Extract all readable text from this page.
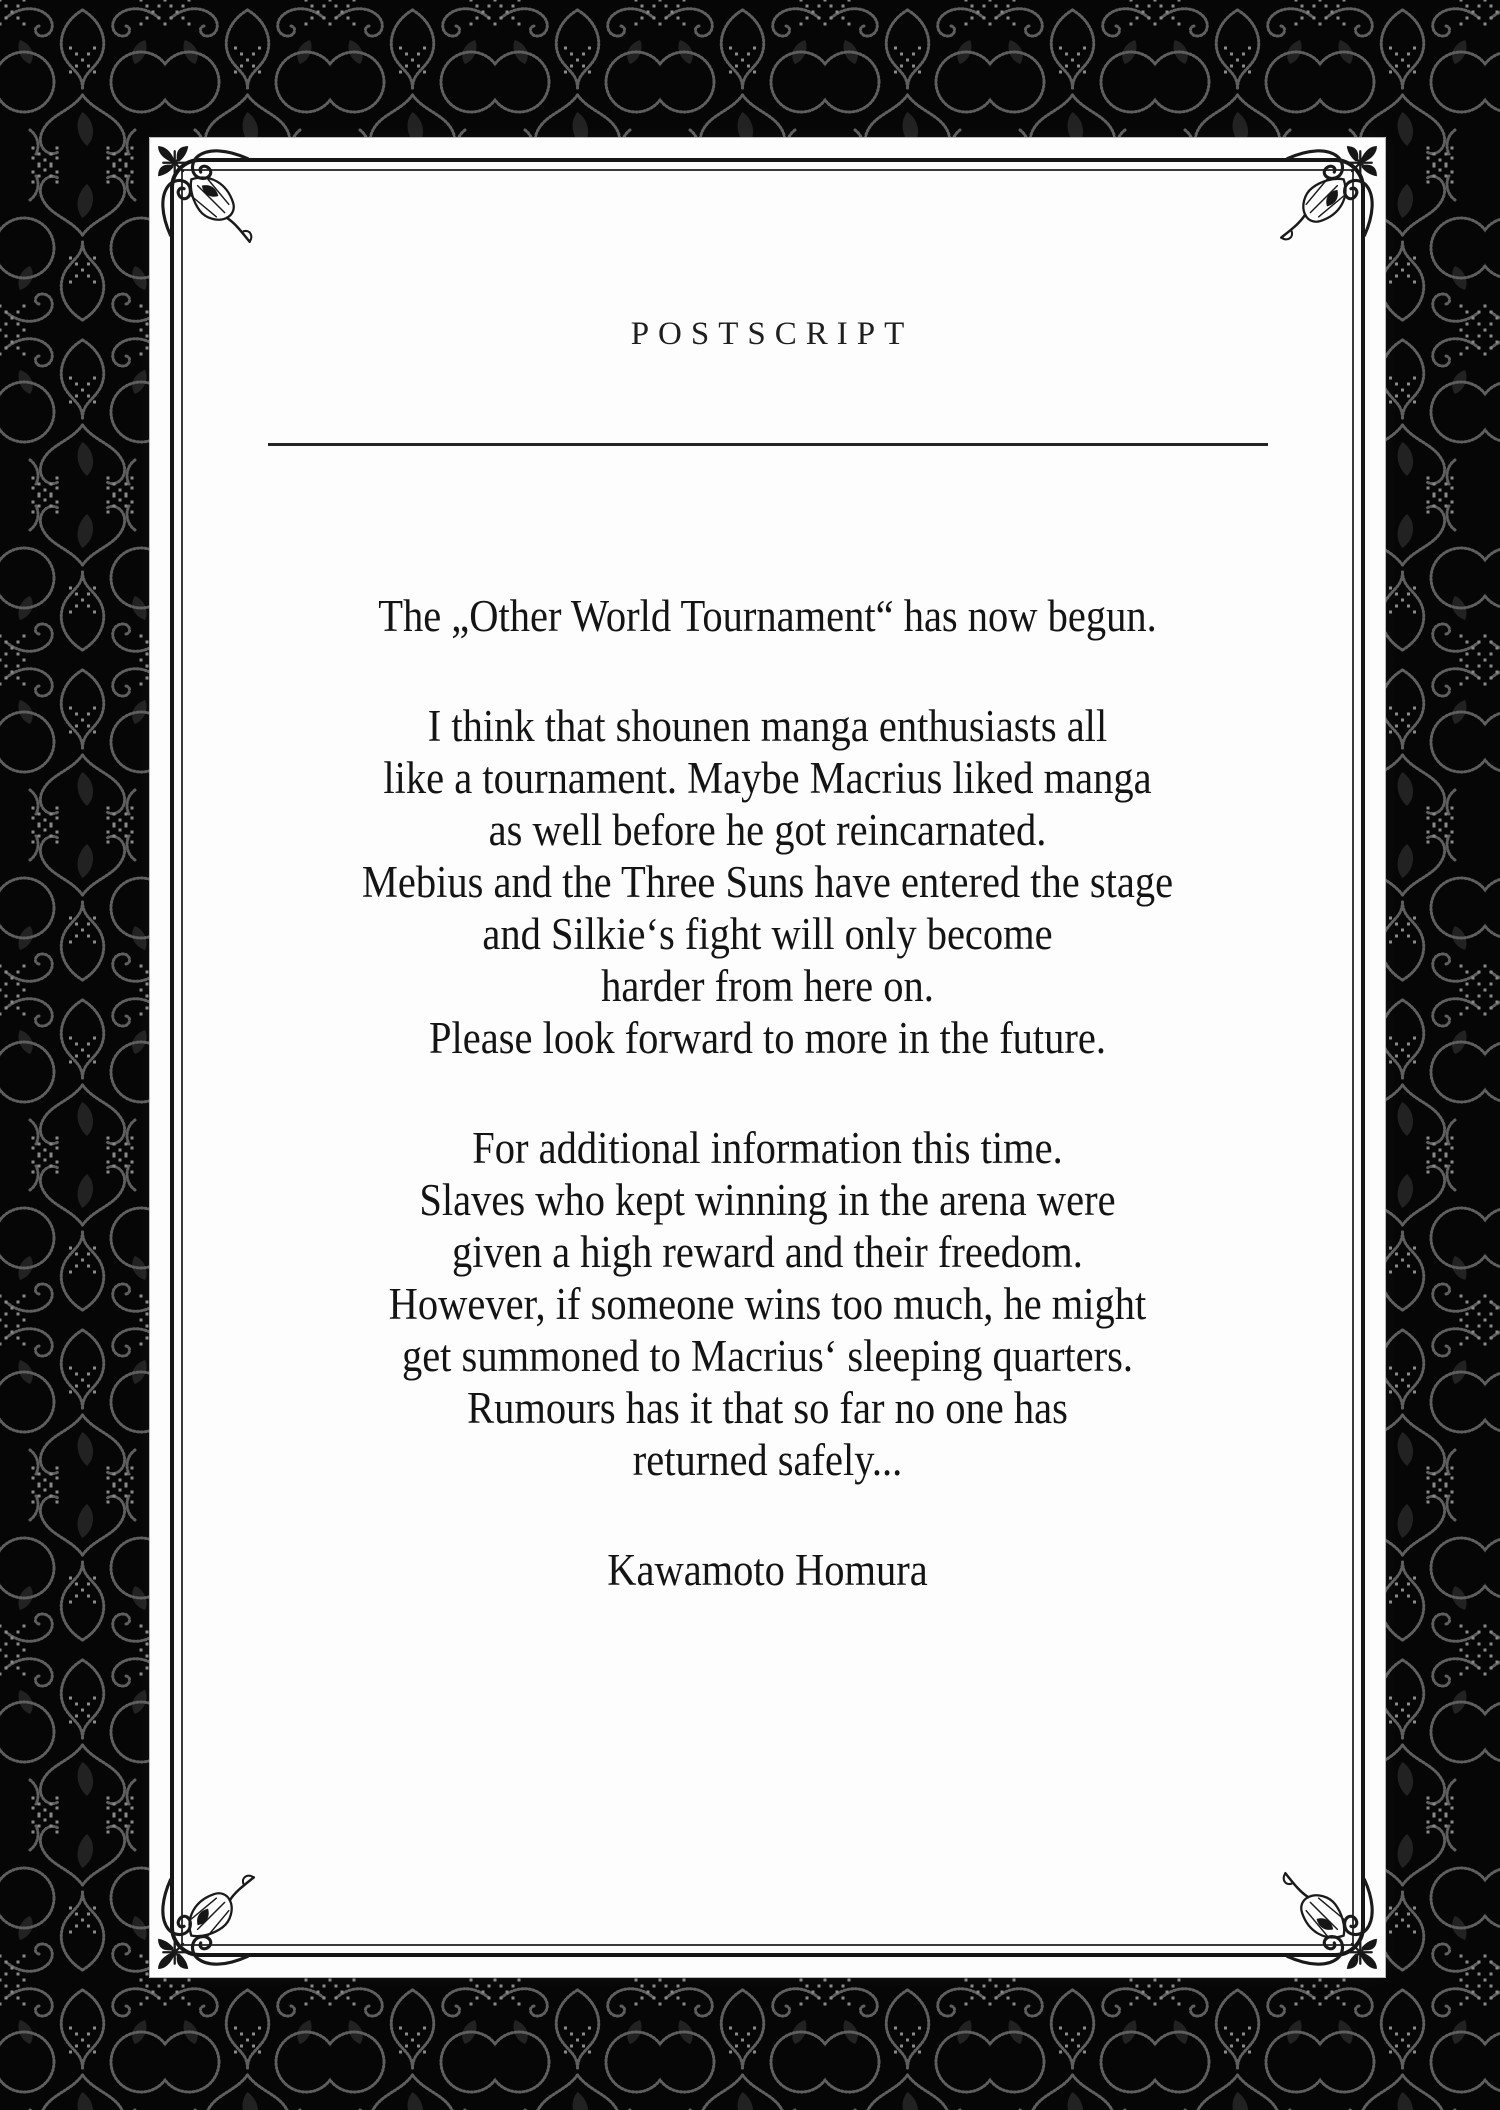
POSTSCRIPT
The „Other World Tournament“ has now begun.
I think that shounen manga enthusiasts all
like a tournament. Maybe Macrius liked manga
as well before he got reincarnated.
Mebius and the Three Suns have entered the stage
and Silkie‘s fight will only become
harder from here on.
Please look forward to more in the future.
For additional information this time.
Slaves who kept winning in the arena were
given a high reward and their freedom.
However, if someone wins too much, he might
get summoned to Macrius‘ sleeping quarters.
Rumours has it that so far no one has
returned safely...
Kawamoto Homura
